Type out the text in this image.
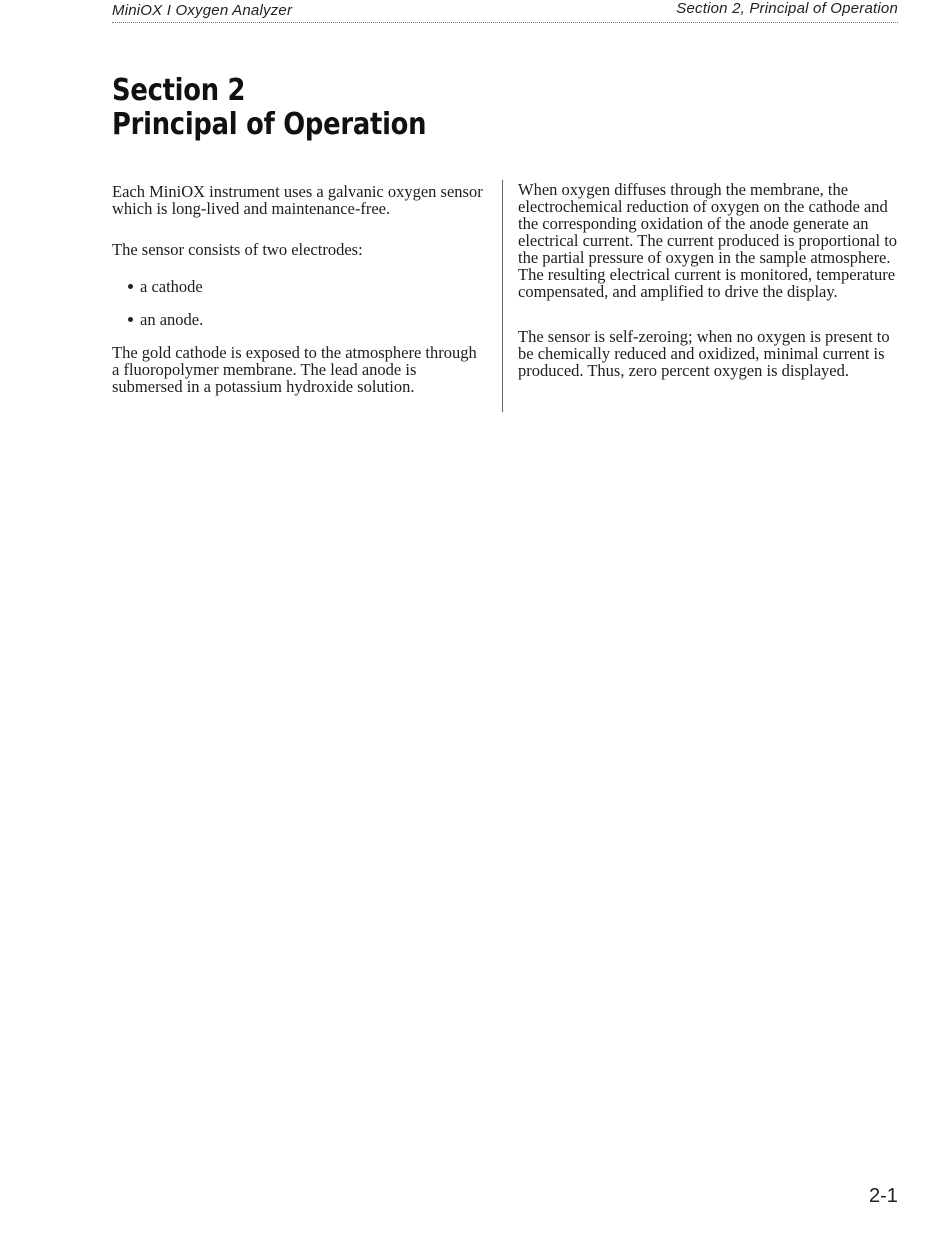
MiniOX I Oxygen Analyzer	Section 2, Principal of Operation
Section 2
Principal of Operation

Each MiniOX instrument uses a galvanic oxygen sensor which is long-lived and maintenance-free.

The sensor consists of two electrodes:

a cathode
an anode.

The gold cathode is exposed to the atmosphere through a fluoropolymer membrane. The lead anode is submersed in a potassium hydroxide solution.

When oxygen diffuses through the membrane, the electrochemical reduction of oxygen on the cathode and the corresponding oxidation of the anode generate an electrical current. The current produced is proportional to the partial pressure of oxygen in the sample atmosphere. The resulting electrical current is monitored, temperature compensated, and amplified to drive the display.

The sensor is self-zeroing; when no oxygen is present to be chemically reduced and oxidized, minimal current is produced. Thus, zero percent oxygen is displayed.

2-1
